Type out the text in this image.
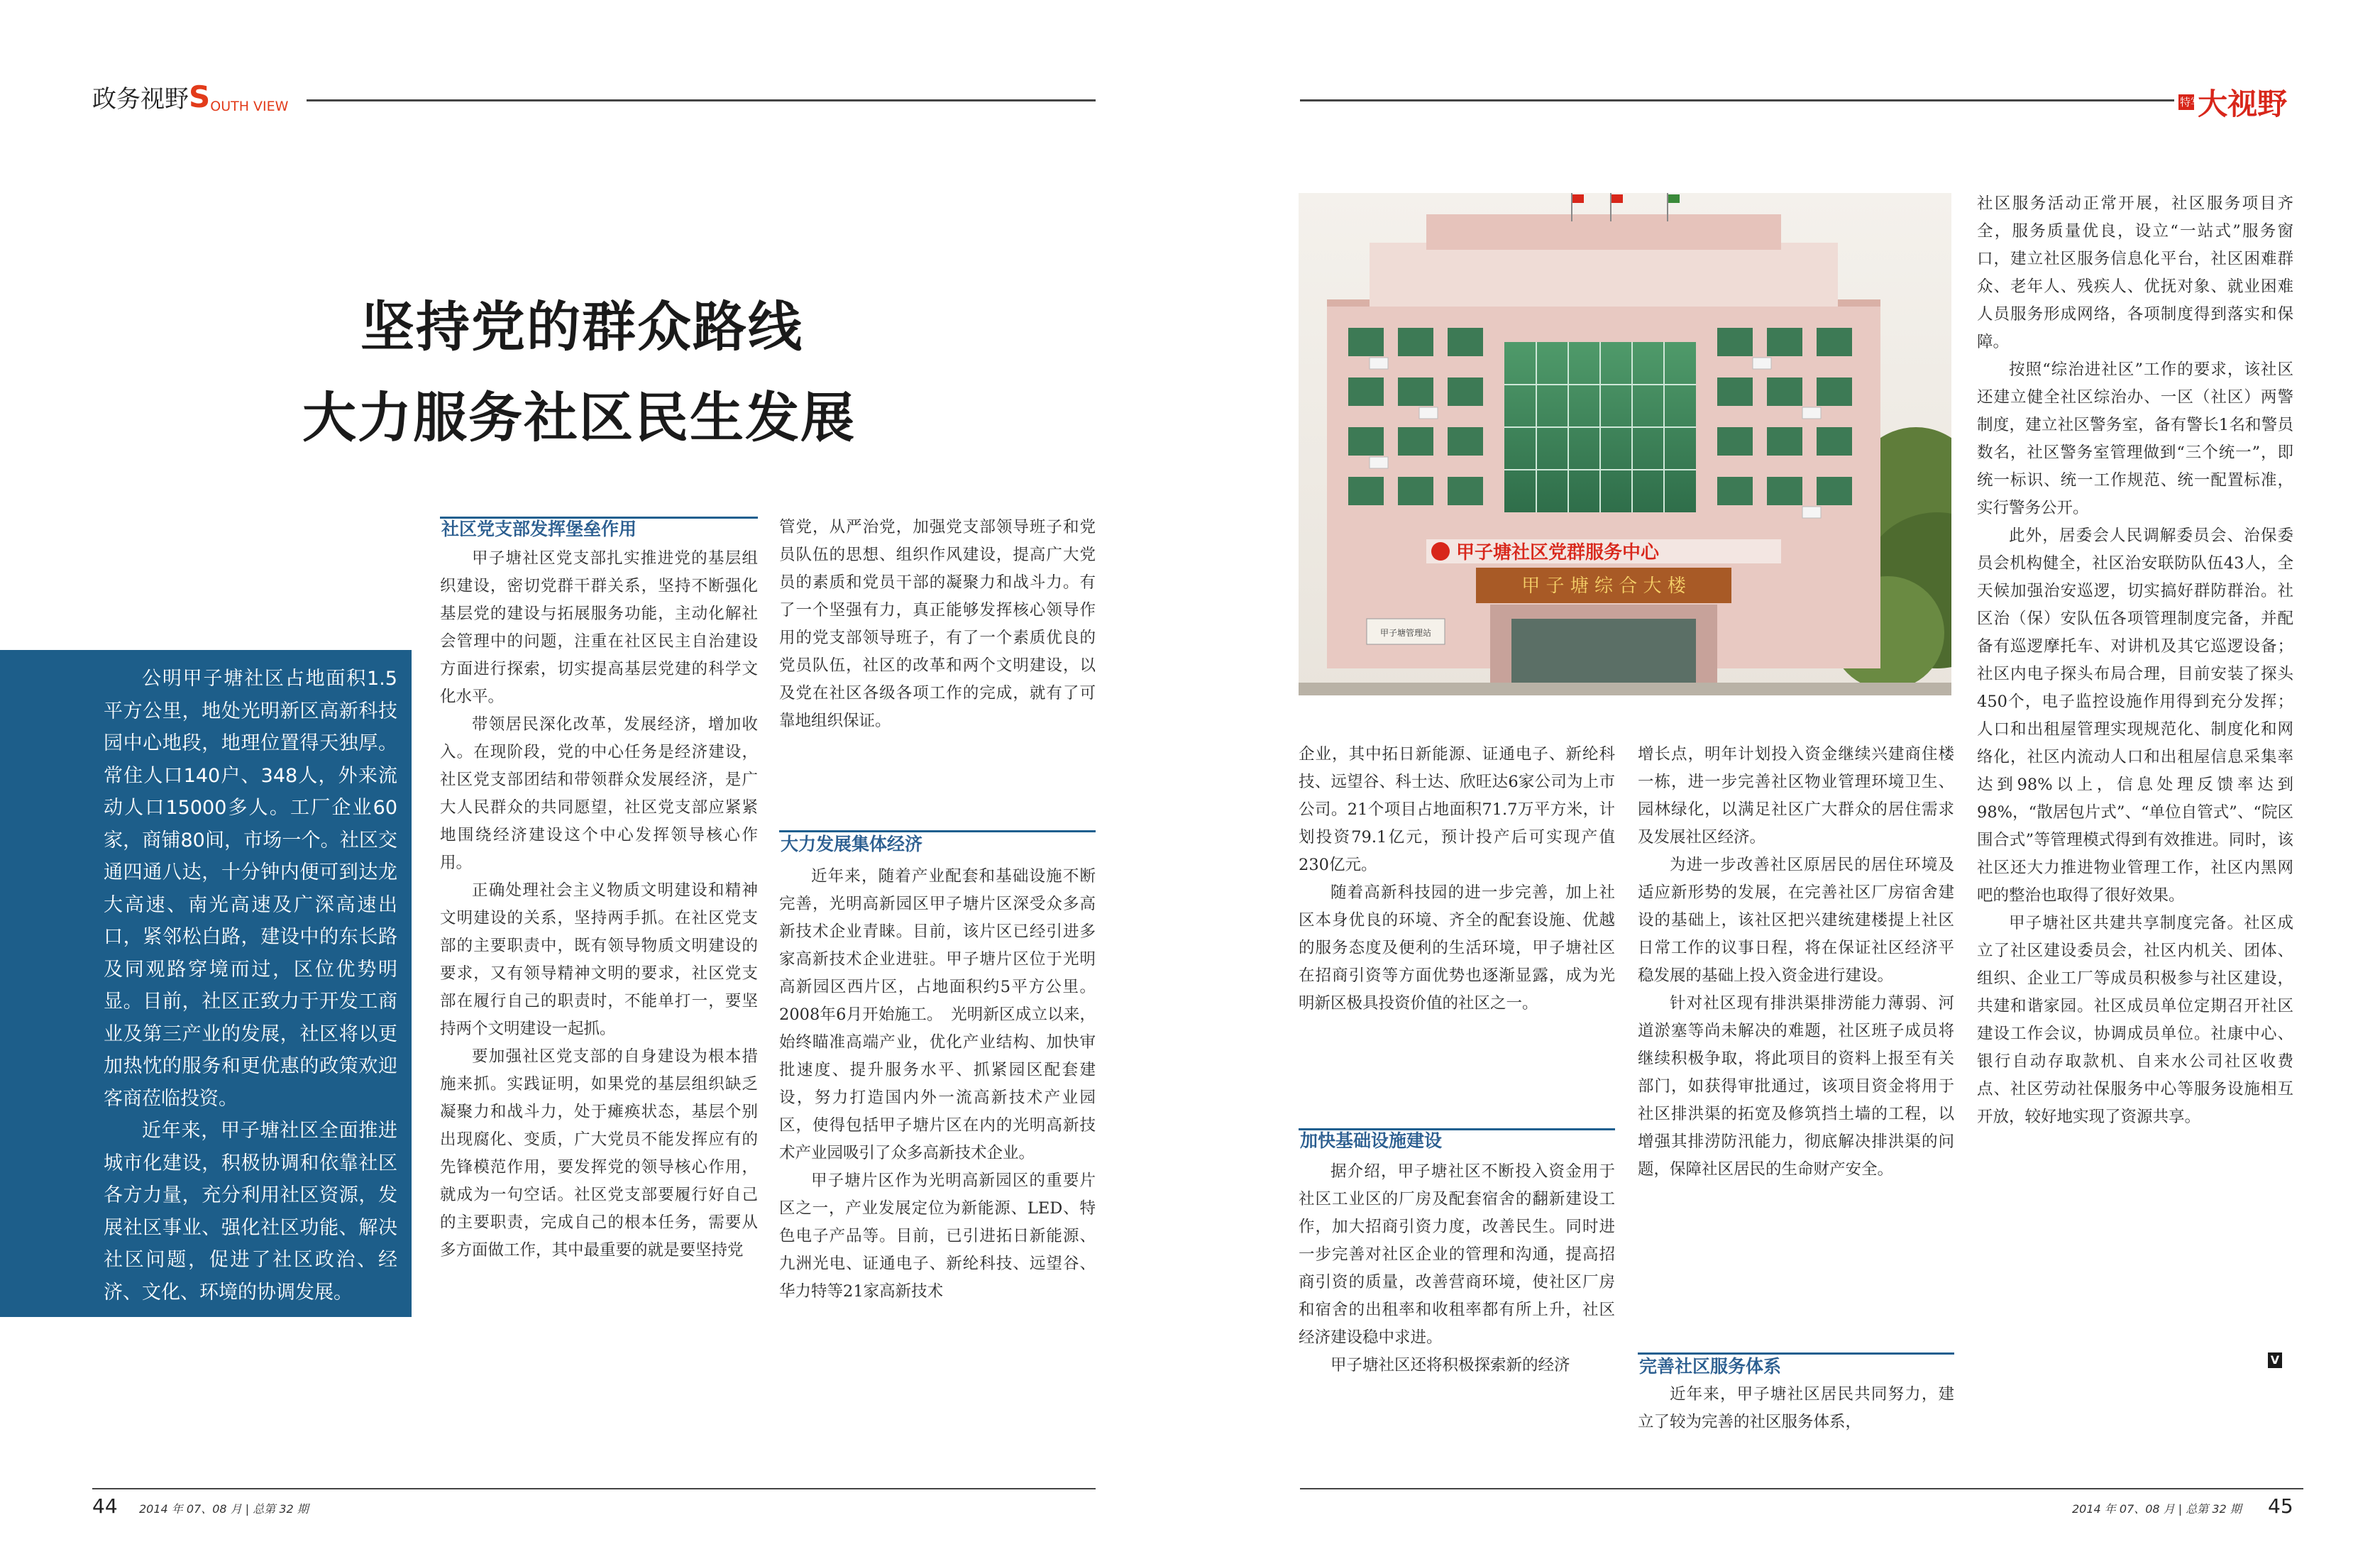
政务视野SOUTH VIEW	特写 大视野
坚持党的群众路线
大力服务社区民生发展

公明甲子塘社区占地面积1.5平方公里，地处光明新区高新科技园中心地段，地理位置得天独厚。常住人口140户、348人，外来流动人口15000多人。工厂企业60家，商铺80间，市场一个。社区交通四通八达，十分钟内便可到达龙大高速、南光高速及广深高速出口，紧邻松白路，建设中的东长路及同观路穿境而过，区位优势明显。目前，社区正致力于开发工商业及第三产业的发展，社区将以更加热忱的服务和更优惠的政策欢迎客商莅临投资。

近年来，甲子塘社区全面推进城市化建设，积极协调和依靠社区各方力量，充分利用社区资源，发展社区事业、强化社区功能、解决社区问题，促进了社区政治、经济、文化、环境的协调发展。

社区党支部发挥堡垒作用

甲子塘社区党支部扎实推进党的基层组织建设，密切党群干群关系，坚持不断强化基层党的建设与拓展服务功能，主动化解社会管理中的问题，注重在社区民主自治建设方面进行探索，切实提高基层党建的科学文化水平。

带领居民深化改革，发展经济，增加收入。在现阶段，党的中心任务是经济建设，社区党支部团结和带领群众发展经济，是广大人民群众的共同愿望，社区党支部应紧紧地围绕经济建设这个中心发挥领导核心作用。

正确处理社会主义物质文明建设和精神文明建设的关系，坚持两手抓。在社区党支部的主要职责中，既有领导物质文明建设的要求，又有领导精神文明的要求，社区党支部在履行自己的职责时，不能单打一，要坚持两个文明建设一起抓。

要加强社区党支部的自身建设为根本措施来抓。实践证明，如果党的基层组织缺乏凝聚力和战斗力，处于瘫痪状态，基层个别出现腐化、变质，广大党员不能发挥应有的先锋模范作用，要发挥党的领导核心作用，就成为一句空话。社区党支部要履行好自己的主要职责，完成自己的根本任务，需要从多方面做工作，其中最重要的就是要坚持党

管党，从严治党，加强党支部领导班子和党员队伍的思想、组织作风建设，提高广大党员的素质和党员干部的凝聚力和战斗力。有了一个坚强有力，真正能够发挥核心领导作用的党支部领导班子，有了一个素质优良的党员队伍，社区的改革和两个文明建设，以及党在社区各级各项工作的完成，就有了可靠地组织保证。

大力发展集体经济

近年来，随着产业配套和基础设施不断完善，光明高新园区甲子塘片区深受众多高新技术企业青睐。目前，该片区已经引进多家高新技术企业进驻。甲子塘片区位于光明高新园区西片区，占地面积约5平方公里。2008年6月开始施工。　光明新区成立以来，始终瞄准高端产业，优化产业结构、加快审批速度、提升服务水平、抓紧园区配套建设，努力打造国内外一流高新技术产业园区，使得包括甲子塘片区在内的光明高新技术产业园吸引了众多高新技术企业。

甲子塘片区作为光明高新园区的重要片区之一，产业发展定位为新能源、LED、特色电子产品等。目前，已引进拓日新能源、九洲光电、证通电子、新纶科技、远望谷、华力特等21家高新技术

甲子塘社区党群服务中心
甲 子 塘 综 合 大 楼
甲子塘管理站

企业，其中拓日新能源、证通电子、新纶科技、远望谷、科士达、欣旺达6家公司为上市公司。21个项目占地面积71.7万平方米，计划投资79.1亿元，预计投产后可实现产值230亿元。

随着高新科技园的进一步完善，加上社区本身优良的环境、齐全的配套设施、优越的服务态度及便利的生活环境，甲子塘社区在招商引资等方面优势也逐渐显露，成为光明新区极具投资价值的社区之一。

加快基础设施建设

据介绍，甲子塘社区不断投入资金用于社区工业区的厂房及配套宿舍的翻新建设工作，加大招商引资力度，改善民生。同时进一步完善对社区企业的管理和沟通，提高招商引资的质量，改善营商环境，使社区厂房和宿舍的出租率和收租率都有所上升，社区经济建设稳中求进。

甲子塘社区还将积极探索新的经济

增长点，明年计划投入资金继续兴建商住楼一栋，进一步完善社区物业管理环境卫生、园林绿化，以满足社区广大群众的居住需求及发展社区经济。

为进一步改善社区原居民的居住环境及适应新形势的发展，在完善社区厂房宿舍建设的基础上，该社区把兴建统建楼提上社区日常工作的议事日程，将在保证社区经济平稳发展的基础上投入资金进行建设。

针对社区现有排洪渠排涝能力薄弱、河道淤塞等尚未解决的难题，社区班子成员将继续积极争取，将此项目的资料上报至有关部门，如获得审批通过，该项目资金将用于社区排洪渠的拓宽及修筑挡土墙的工程，以增强其排涝防汛能力，彻底解决排洪渠的问题，保障社区居民的生命财产安全。

完善社区服务体系

近年来，甲子塘社区居民共同努力，建立了较为完善的社区服务体系，

社区服务活动正常开展，社区服务项目齐全，服务质量优良，设立“一站式”服务窗口，建立社区服务信息化平台，社区困难群众、老年人、残疾人、优抚对象、就业困难人员服务形成网络，各项制度得到落实和保障。

按照“综治进社区”工作的要求，该社区还建立健全社区综治办、一区（社区）两警制度，建立社区警务室，备有警长1名和警员数名，社区警务室管理做到“三个统一”，即统一标识、统一工作规范、统一配置标准，实行警务公开。

此外，居委会人民调解委员会、治保委员会机构健全，社区治安联防队伍43人，全天候加强治安巡逻，切实搞好群防群治。社区治（保）安队伍各项管理制度完备，并配备有巡逻摩托车、对讲机及其它巡逻设备；社区内电子探头布局合理，目前安装了探头450个，电子监控设施作用得到充分发挥；人口和出租屋管理实现规范化、制度化和网络化，社区内流动人口和出租屋信息采集率达到98%以上，信息处理反馈率达到98%，“散居包片式”、“单位自管式”、“院区围合式”等管理模式得到有效推进。同时，该社区还大力推进物业管理工作，社区内黑网吧的整治也取得了很好效果。

甲子塘社区共建共享制度完备。社区成立了社区建设委员会，社区内机关、团体、组织、企业工厂等成员积极参与社区建设，共建和谐家园。社区成员单位定期召开社区建设工作会议，协调成员单位。社康中心、银行自动存取款机、自来水公司社区收费点、社区劳动社保服务中心等服务设施相互开放，较好地实现了资源共享。

V
44 2014 年 07、08 月 | 总第 32 期	2014 年 07、08 月 | 总第 32 期 45
